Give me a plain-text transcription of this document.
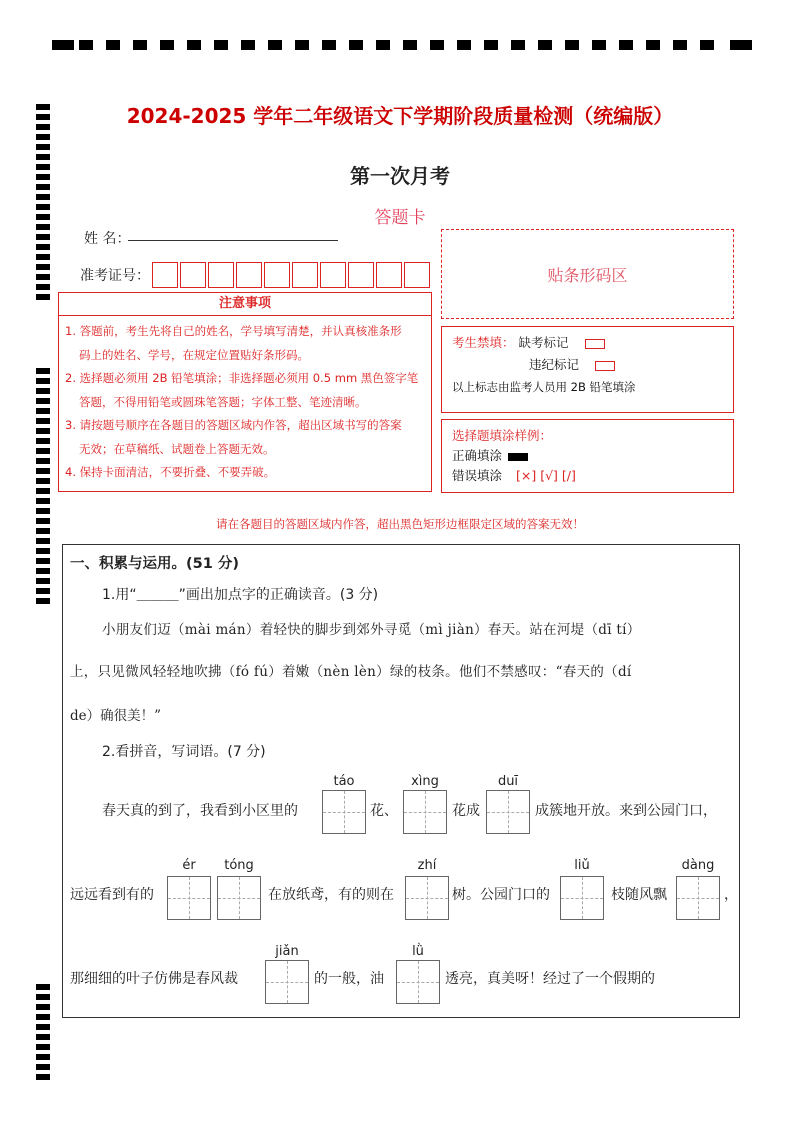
2024-2025 学年二年级语文下学期阶段质量检测（统编版）
第一次月考
答题卡
姓 名：
准考证号：	贴条形码区
注意事项
1. 答题前，考生先将自己的姓名，学号填写清楚，并认真核准条形
码上的姓名、学号，在规定位置贴好条形码。
2. 选择题必须用 2B 铅笔填涂；非选择题必须用 0.5 mm 黑色签字笔
答题，不得用铅笔或圆珠笔答题；字体工整、笔迹清晰。
3. 请按题号顺序在各题目的答题区域内作答，超出区域书写的答案
无效；在草稿纸、试题卷上答题无效。
4. 保持卡面清洁，不要折叠、不要弄破。
考生禁填： 缺考标记
违纪标记
以上标志由监考人员用 2B 铅笔填涂
选择题填涂样例：
正确填涂
错误填涂 [×] [√] [/]
请在各题目的答题区域内作答，超出黑色矩形边框限定区域的答案无效！
一、积累与运用。(51 分)
1.用“＿＿＿”画出加点字的正确读音。(3 分)
小朋友们迈（mài mán）着轻快的脚步到郊外寻觅（mì jiàn）春天。站在河堤（dī tí）
上，只见微风轻轻地吹拂（fó fú）着嫩（nèn lèn）绿的枝条。他们不禁感叹：“春天的（dí
de）确很美！”
2.看拼音，写词语。(7 分)
táo	xìng	duī
春天真的到了，我看到小区里的	花、	花成	成簇地开放。来到公园门口，
ér	tóng	zhí	liǔ	dàng
远远看到有的	在放纸鸢，有的则在	树。公园门口的	枝随风飘	，
jiǎn	lǜ
那细细的叶子仿佛是春风裁	的一般，油	透亮，真美呀！经过了一个假期的
